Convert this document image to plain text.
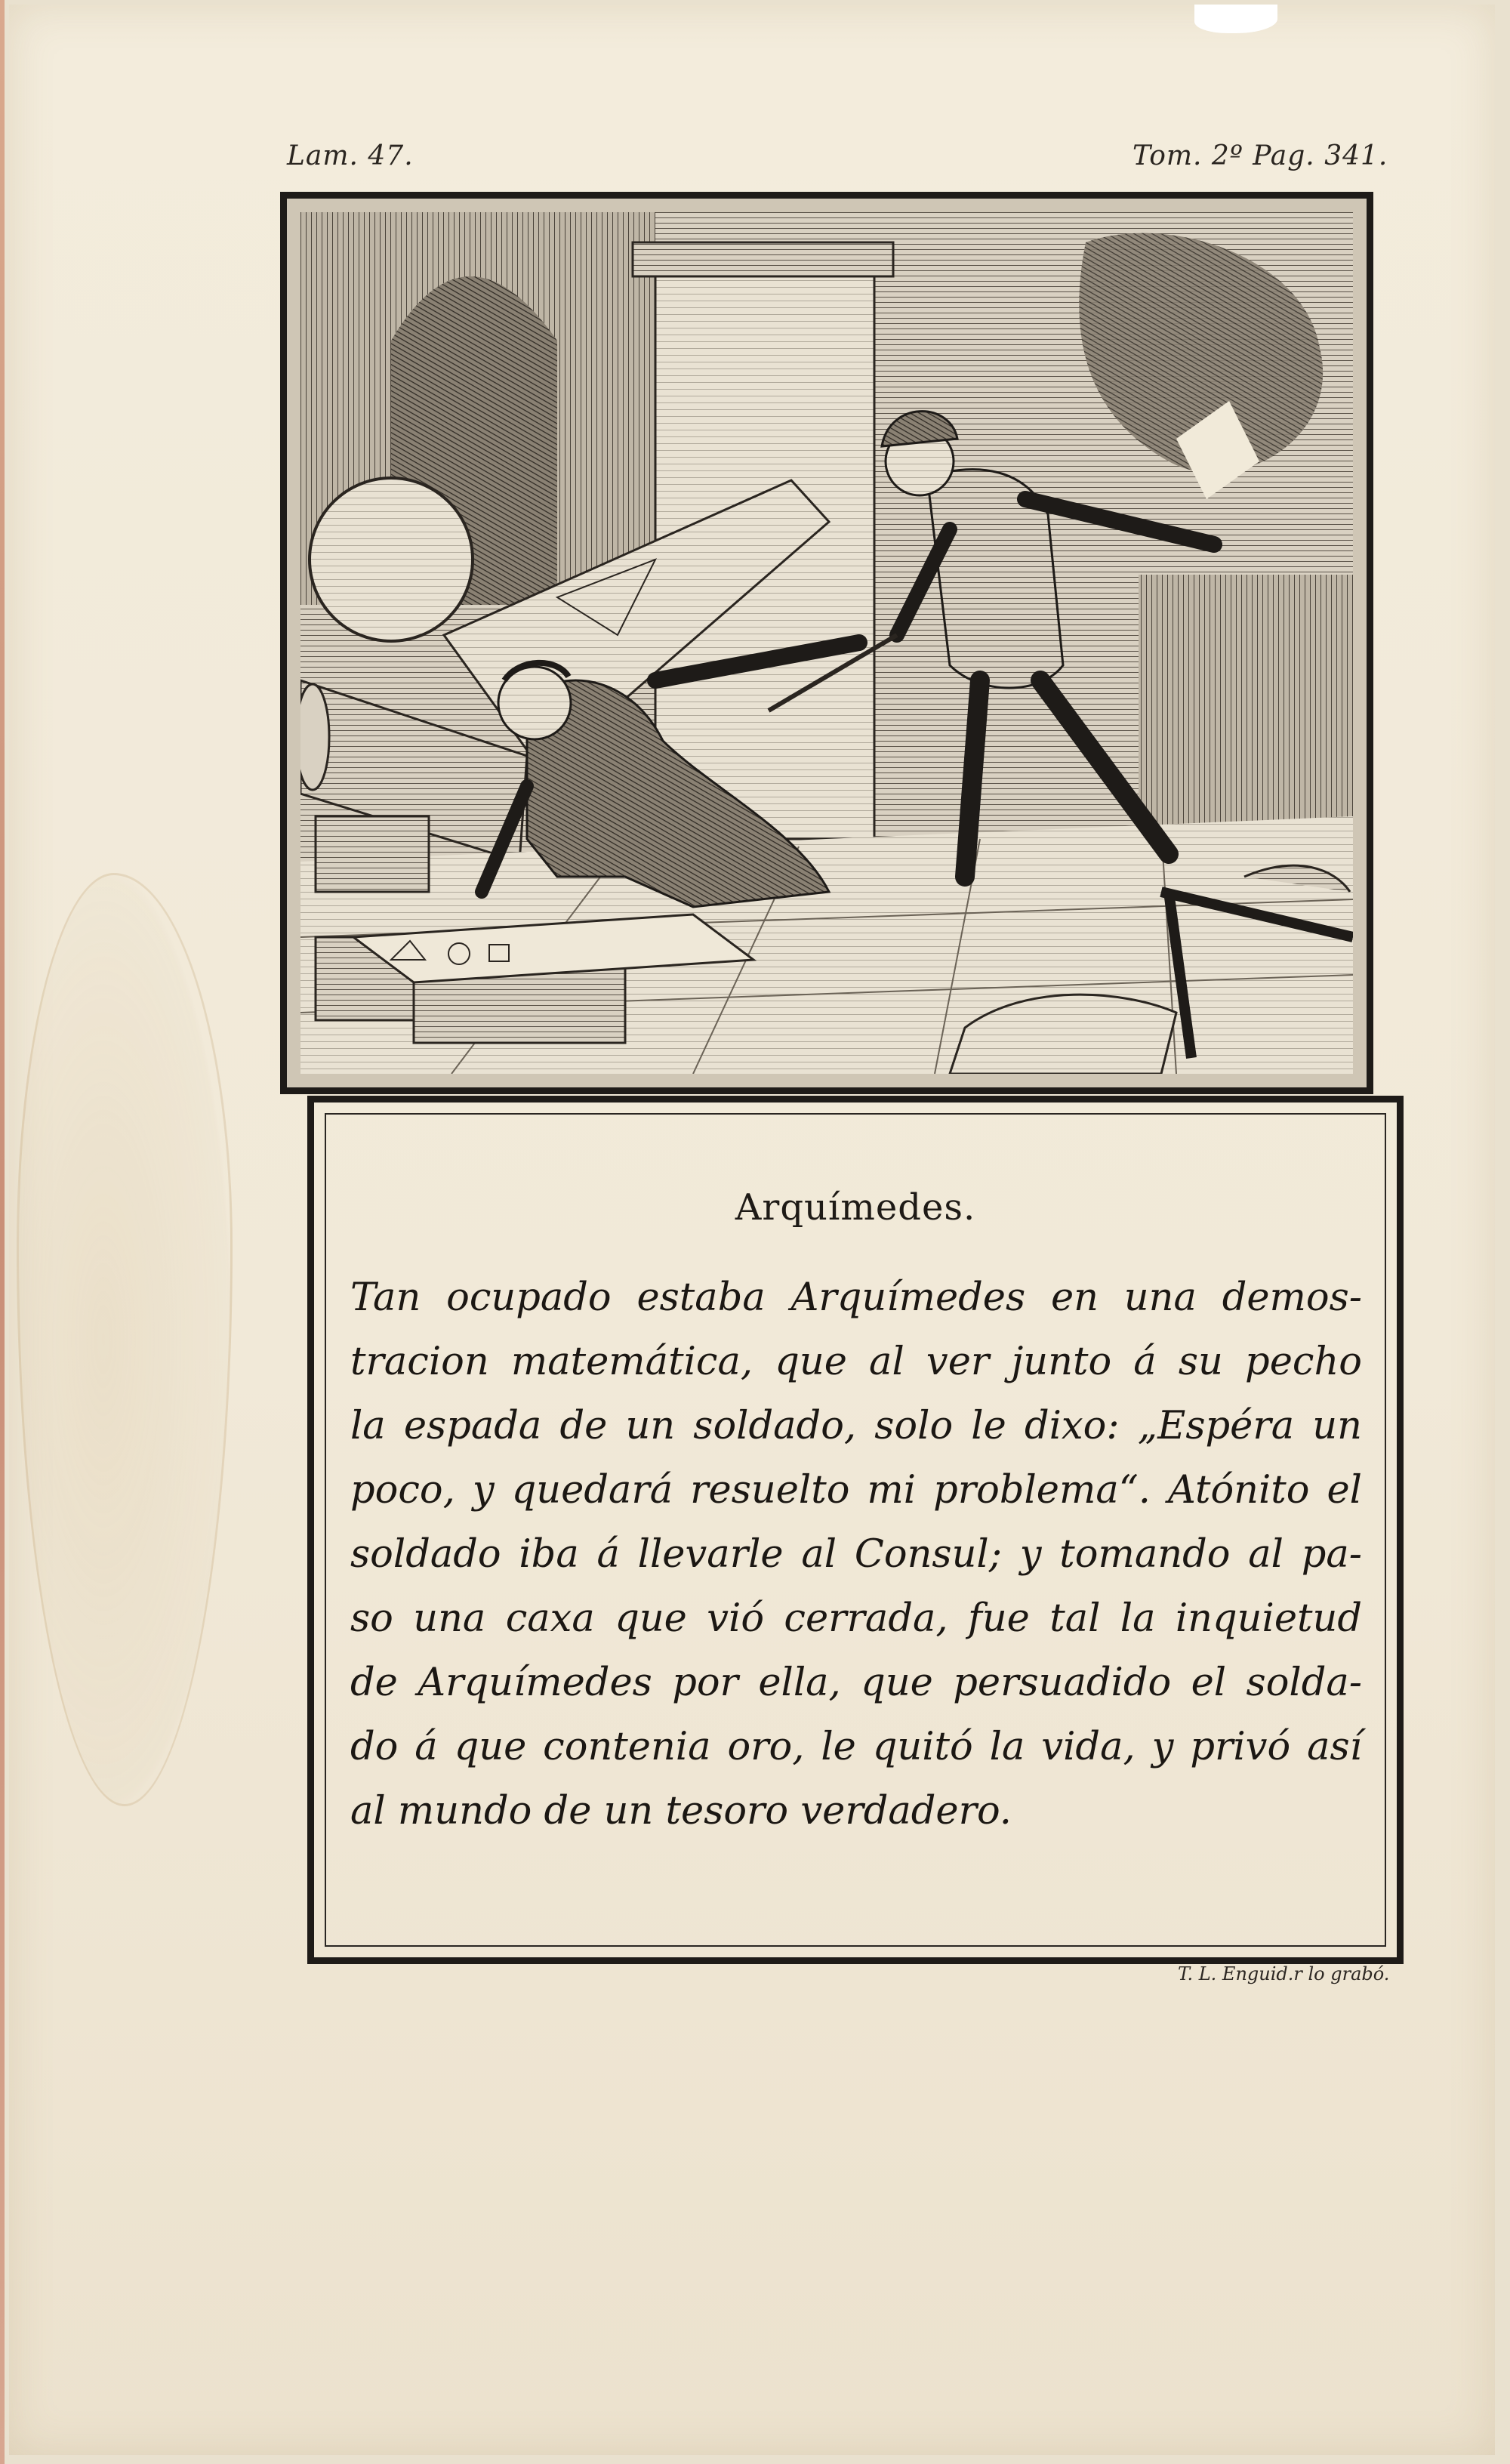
Lam. 47.	Tom. 2º Pag. 341.
Arquímedes.
Tan ocupado estaba Arquímedes en una demos-
tracion matemática, que al ver junto á su pecho
la espada de un soldado, solo le dixo: „Espéra un
poco, y quedará resuelto mi problema“. Atónito el
soldado iba á llevarle al Consul; y tomando al pa-
so una caxa que vió cerrada, fue tal la inquietud
de Arquímedes por ella, que persuadido el solda-
do á que contenia oro, le quitó la vida, y privó así
al mundo de un tesoro verdadero.
T. L. Enguid.r lo grabó.
